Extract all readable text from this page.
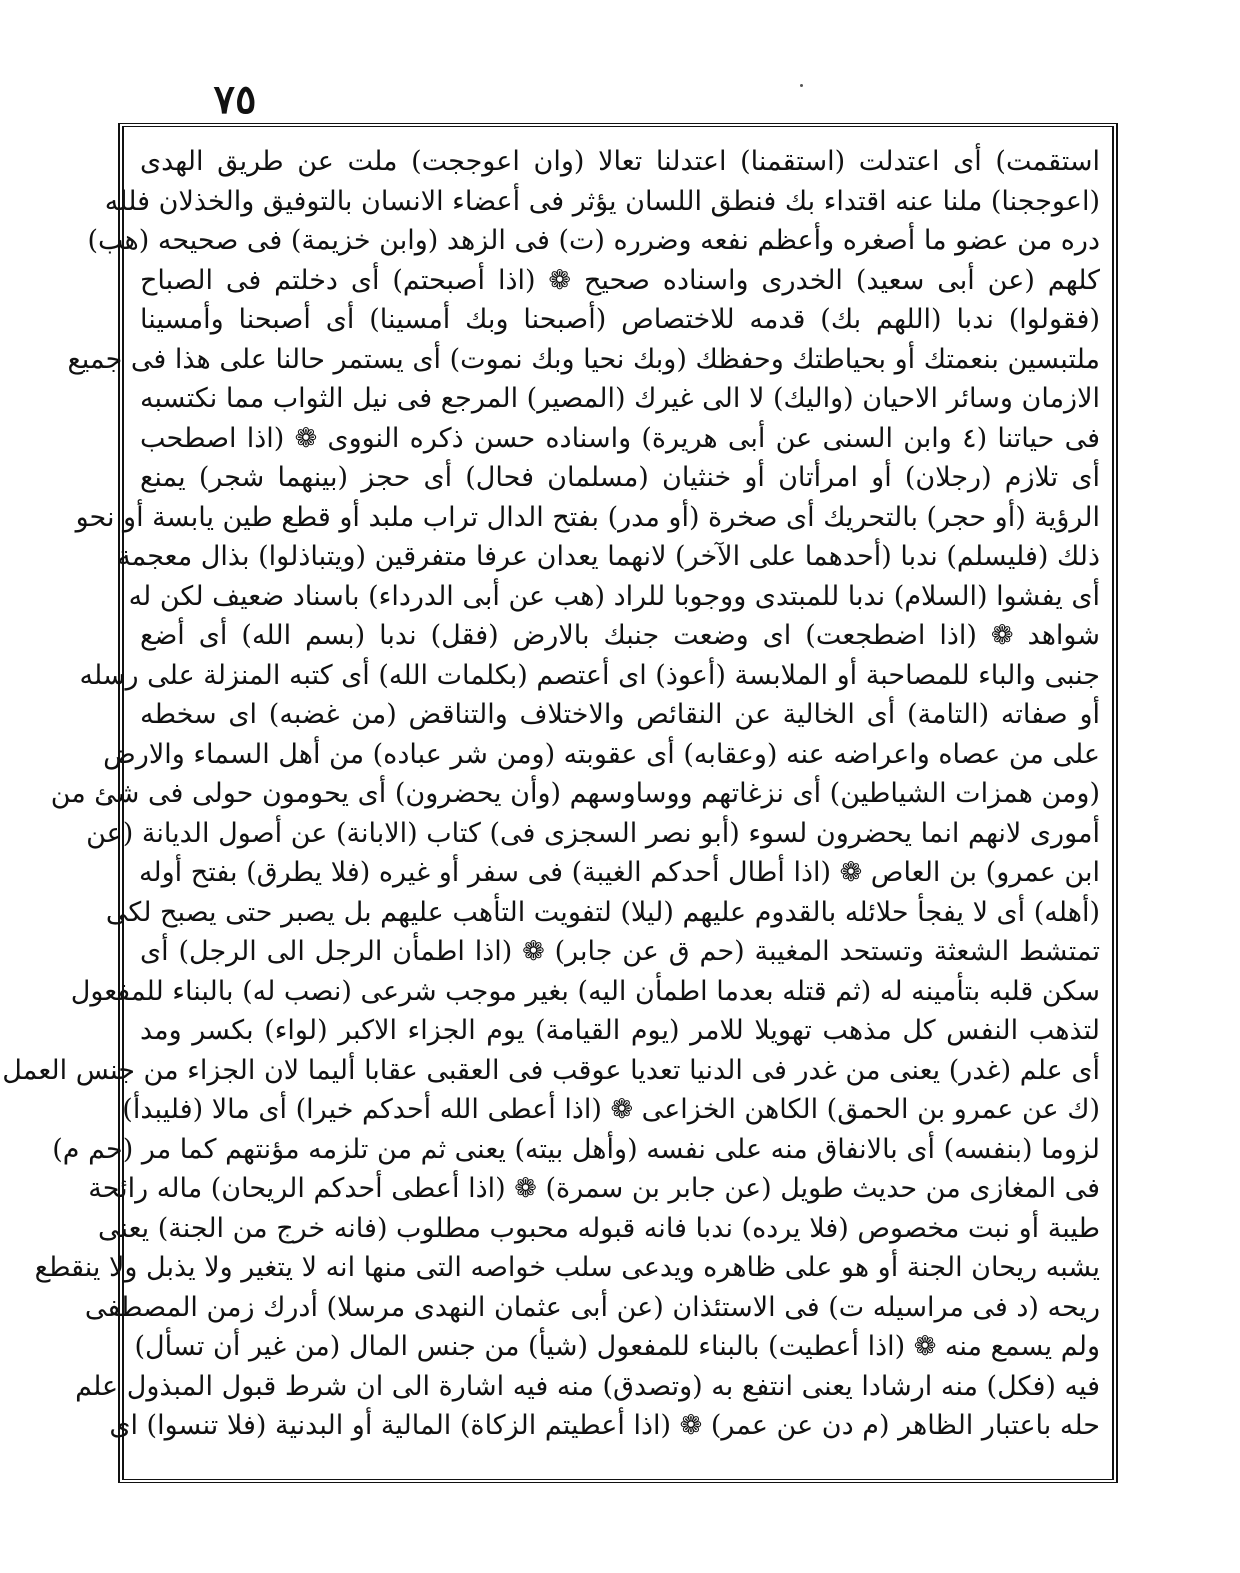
٧٥
استقمت) أى اعتدلت (استقمنا) اعتدلنا تعالا (وان اعوججت) ملت عن طريق الهدى
(اعوججنا) ملنا عنه اقتداء بك فنطق اللسان يؤثر فى أعضاء الانسان بالتوفيق والخذلان فلله
دره من عضو ما أصغره وأعظم نفعه وضرره (ت) فى الزهد (وابن خزيمة) فى صحيحه (هب)
كلهم (عن أبى سعيد) الخدرى واسناده صحيح ❁ (اذا أصبحتم) أى دخلتم فى الصباح
(فقولوا) ندبا (اللهم بك) قدمه للاختصاص (أصبحنا وبك أمسينا) أى أصبحنا وأمسينا
ملتبسين بنعمتك أو بحياطتك وحفظك (وبك نحيا وبك نموت) أى يستمر حالنا على هذا فى جميع
الازمان وسائر الاحيان (واليك) لا الى غيرك (المصير) المرجع فى نيل الثواب مما نكتسبه
فى حياتنا (٤ وابن السنى عن أبى هريرة) واسناده حسن ذكره النووى ❁ (اذا اصطحب
أى تلازم (رجلان) أو امرأتان أو خنثيان (مسلمان فحال) أى حجز (بينهما شجر) يمنع
الرؤية (أو حجر) بالتحريك أى صخرة (أو مدر) بفتح الدال تراب ملبد أو قطع طين يابسة أو نحو
ذلك (فليسلم) ندبا (أحدهما على الآخر) لانهما يعدان عرفا متفرقين (ويتباذلوا) بذال معجمة
أى يفشوا (السلام) ندبا للمبتدى ووجوبا للراد (هب عن أبى الدرداء) باسناد ضعيف لكن له
شواهد ❁ (اذا اضطجعت) اى وضعت جنبك بالارض (فقل) ندبا (بسم الله) أى أضع
جنبى والباء للمصاحبة أو الملابسة (أعوذ) اى أعتصم (بكلمات الله) أى كتبه المنزلة على رسله
أو صفاته (التامة) أى الخالية عن النقائص والاختلاف والتناقض (من غضبه) اى سخطه
على من عصاه واعراضه عنه (وعقابه) أى عقوبته (ومن شر عباده) من أهل السماء والارض
(ومن همزات الشياطين) أى نزغاتهم ووساوسهم (وأن يحضرون) أى يحومون حولى فى شئ من
أمورى لانهم انما يحضرون لسوء (أبو نصر السجزى فى) كتاب (الابانة) عن أصول الديانة (عن
ابن عمرو) بن العاص ❁ (اذا أطال أحدكم الغيبة) فى سفر أو غيره (فلا يطرق) بفتح أوله
(أهله) أى لا يفجأ حلائله بالقدوم عليهم (ليلا) لتفويت التأهب عليهم بل يصبر حتى يصبح لكى
تمتشط الشعثة وتستحد المغيبة (حم ق عن جابر) ❁ (اذا اطمأن الرجل الى الرجل) أى
سكن قلبه بتأمينه له (ثم قتله بعدما اطمأن اليه) بغير موجب شرعى (نصب له) بالبناء للمفعول
لتذهب النفس كل مذهب تهويلا للامر (يوم القيامة) يوم الجزاء الاكبر (لواء) بكسر ومد
أى علم (غدر) يعنى من غدر فى الدنيا تعديا عوقب فى العقبى عقابا أليما لان الجزاء من جنس العمل
(ك عن عمرو بن الحمق) الكاهن الخزاعى ❁ (اذا أعطى الله أحدكم خيرا) أى مالا (فليبدأ)
لزوما (بنفسه) أى بالانفاق منه على نفسه (وأهل بيته) يعنى ثم من تلزمه مؤنتهم كما مر (حم م)
فى المغازى من حديث طويل (عن جابر بن سمرة) ❁ (اذا أعطى أحدكم الريحان) ماله رائحة
طيبة أو نبت مخصوص (فلا يرده) ندبا فانه قبوله محبوب مطلوب (فانه خرج من الجنة) يعنى
يشبه ريحان الجنة أو هو على ظاهره ويدعى سلب خواصه التى منها انه لا يتغير ولا يذبل ولا ينقطع
ريحه (د فى مراسيله ت) فى الاستئذان (عن أبى عثمان النهدى مرسلا) أدرك زمن المصطفى
ولم يسمع منه ❁ (اذا أعطيت) بالبناء للمفعول (شيأ) من جنس المال (من غير أن تسأل)
فيه (فكل) منه ارشادا يعنى انتفع به (وتصدق) منه فيه اشارة الى ان شرط قبول المبذول علم
حله باعتبار الظاهر (م دن عن عمر) ❁ (اذا أعطيتم الزكاة) المالية أو البدنية (فلا تنسوا) اى
